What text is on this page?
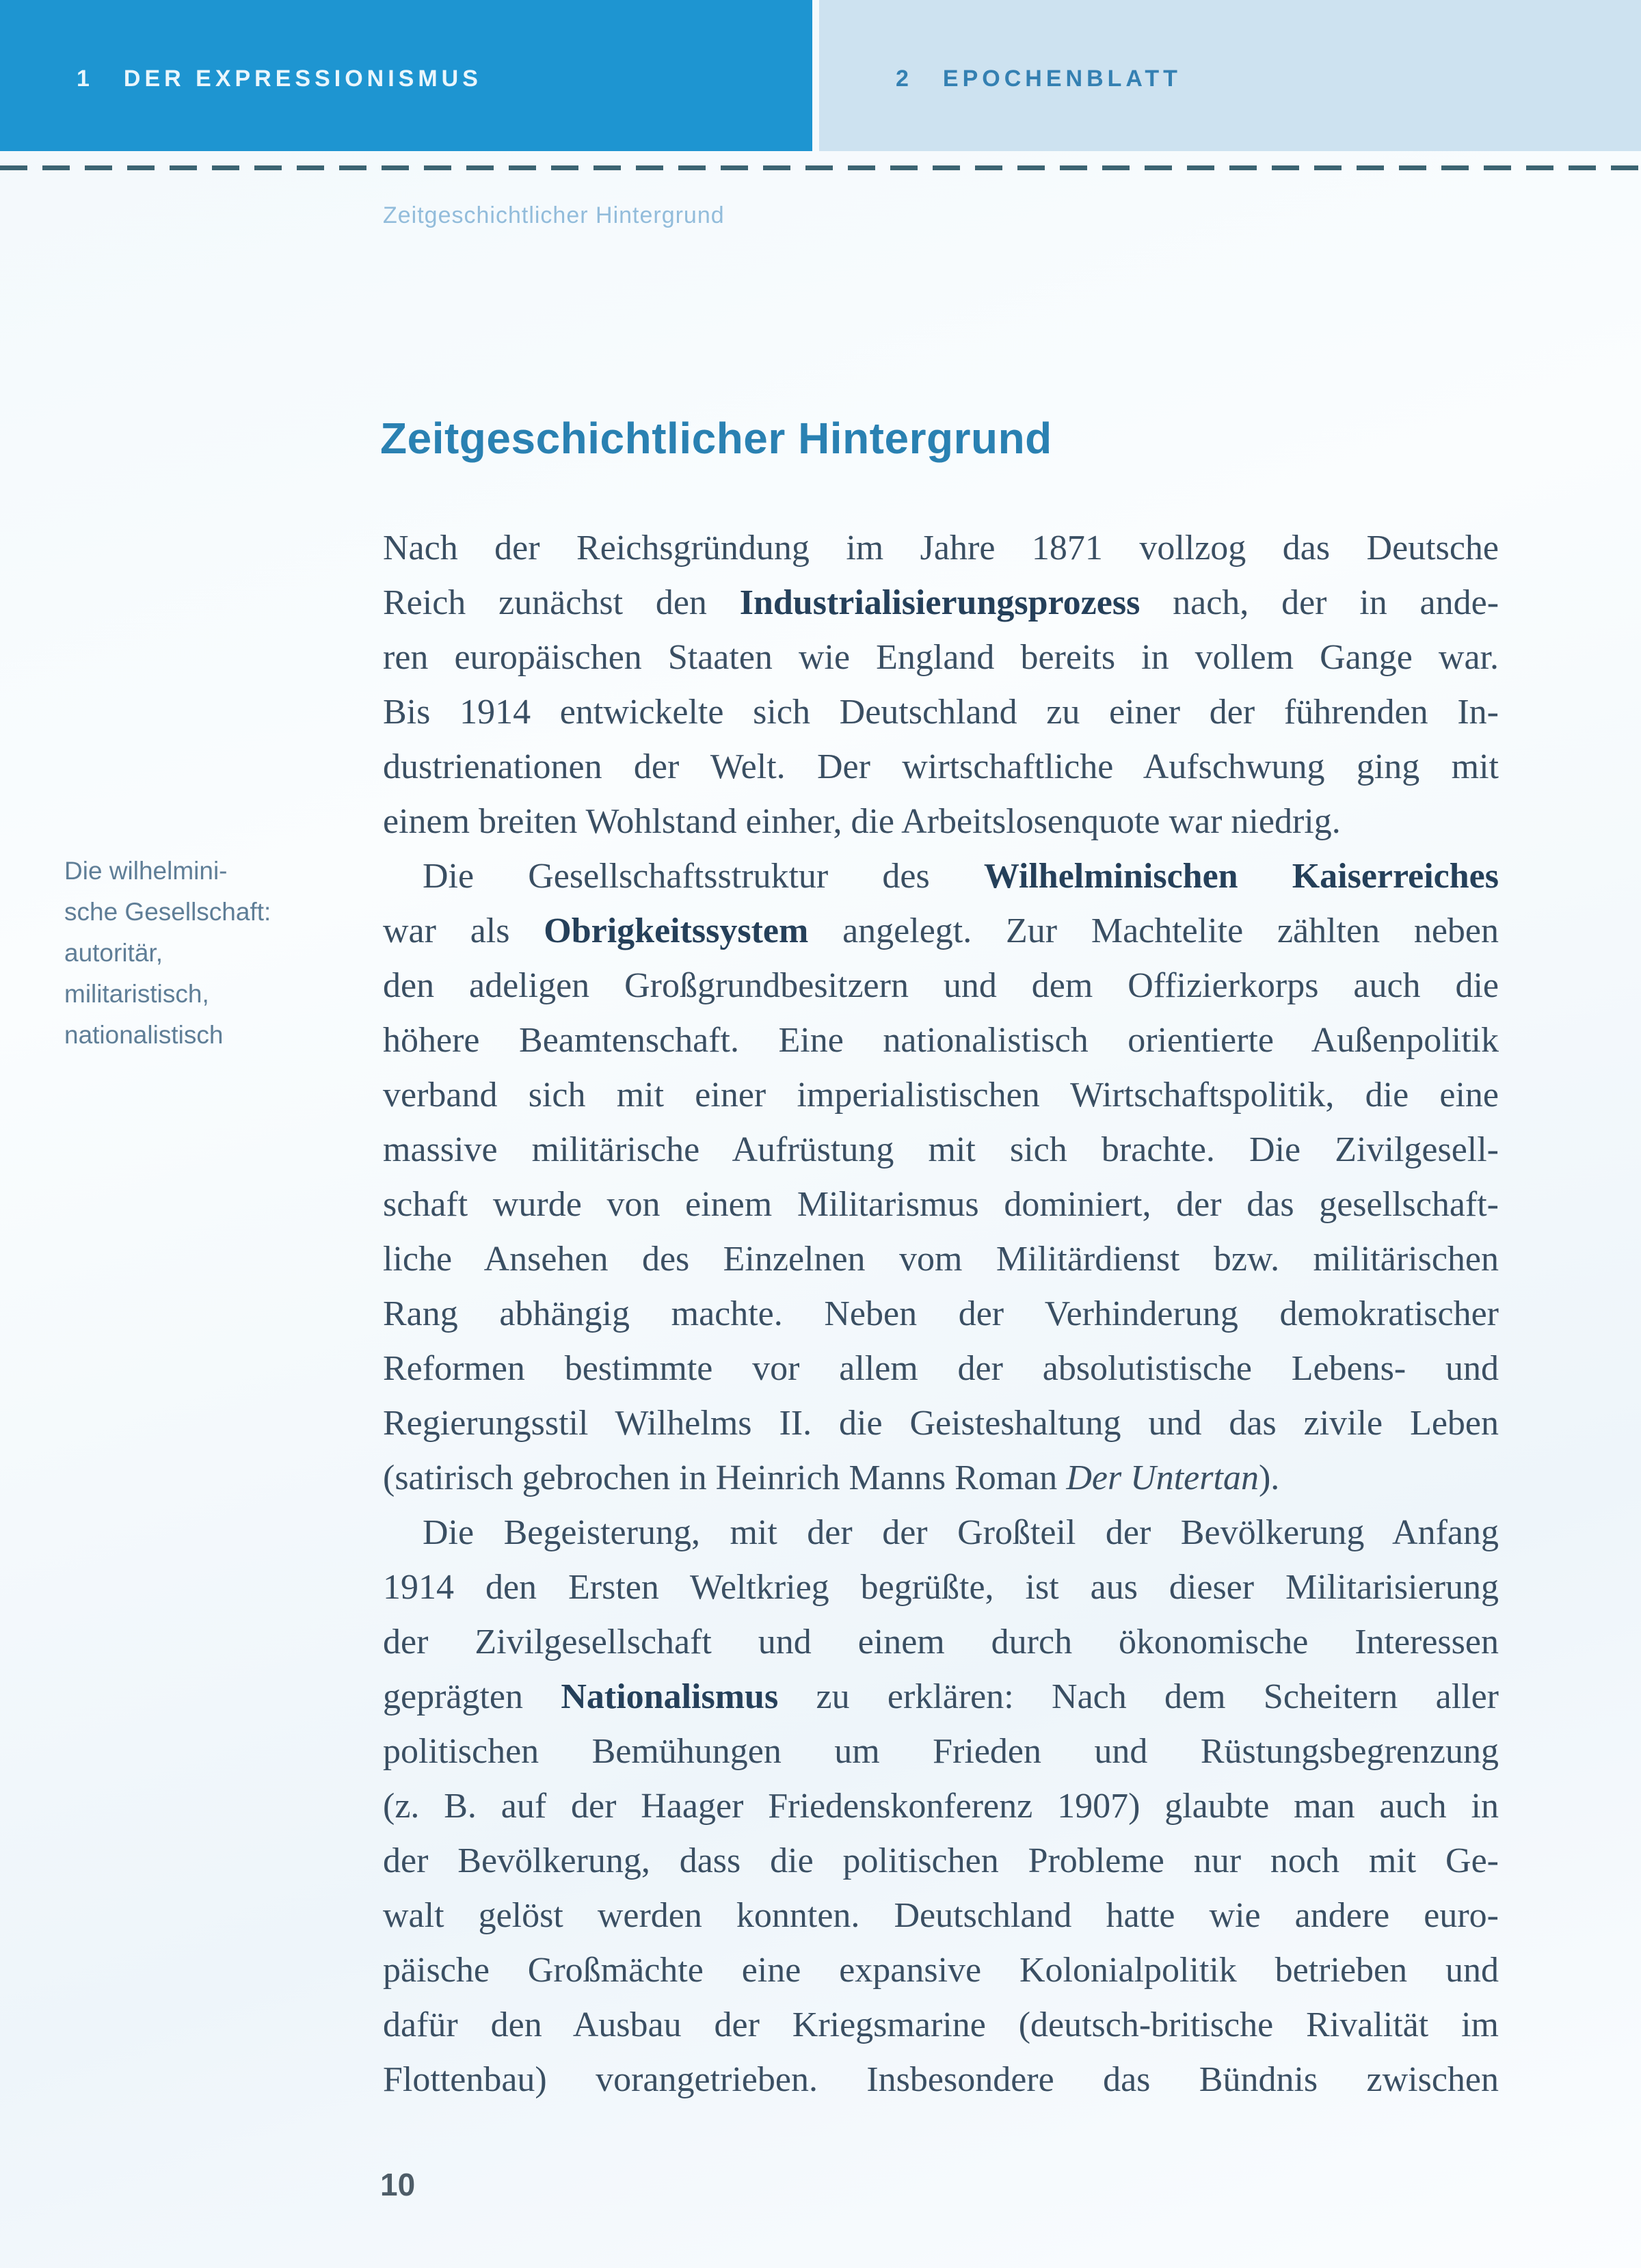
1 DER EXPRESSIONISMUS	2 EPOCHENBLATT
Zeitgeschichtlicher Hintergrund
Zeitgeschichtlicher Hintergrund
Die wilhelmini-
sche Gesellschaft:
autoritär,
militaristisch,
nationalistisch
Nach der Reichsgründung im Jahre 1871 vollzog das Deutsche
Reich zunächst den Industrialisierungsprozess nach, der in ande-
ren europäischen Staaten wie England bereits in vollem Gange war.
Bis 1914 entwickelte sich Deutschland zu einer der führenden In-
dustrienationen der Welt. Der wirtschaftliche Aufschwung ging mit
einem breiten Wohlstand einher, die Arbeitslosenquote war niedrig.
Die Gesellschaftsstruktur des Wilhelminischen Kaiserreiches
war als Obrigkeitssystem angelegt. Zur Machtelite zählten neben
den adeligen Großgrundbesitzern und dem Offizierkorps auch die
höhere Beamtenschaft. Eine nationalistisch orientierte Außenpolitik
verband sich mit einer imperialistischen Wirtschaftspolitik, die eine
massive militärische Aufrüstung mit sich brachte. Die Zivilgesell-
schaft wurde von einem Militarismus dominiert, der das gesellschaft-
liche Ansehen des Einzelnen vom Militärdienst bzw. militärischen
Rang abhängig machte. Neben der Verhinderung demokratischer
Reformen bestimmte vor allem der absolutistische Lebens- und
Regierungsstil Wilhelms II. die Geisteshaltung und das zivile Leben
(satirisch gebrochen in Heinrich Manns Roman Der Untertan).
Die Begeisterung, mit der der Großteil der Bevölkerung Anfang
1914 den Ersten Weltkrieg begrüßte, ist aus dieser Militarisierung
der Zivilgesellschaft und einem durch ökonomische Interessen
geprägten Nationalismus zu erklären: Nach dem Scheitern aller
politischen Bemühungen um Frieden und Rüstungsbegrenzung
(z. B. auf der Haager Friedenskonferenz 1907) glaubte man auch in
der Bevölkerung, dass die politischen Probleme nur noch mit Ge-
walt gelöst werden konnten. Deutschland hatte wie andere euro-
päische Großmächte eine expansive Kolonialpolitik betrieben und
dafür den Ausbau der Kriegsmarine (deutsch-britische Rivalität im
Flottenbau) vorangetrieben. Insbesondere das Bündnis zwischen
10
